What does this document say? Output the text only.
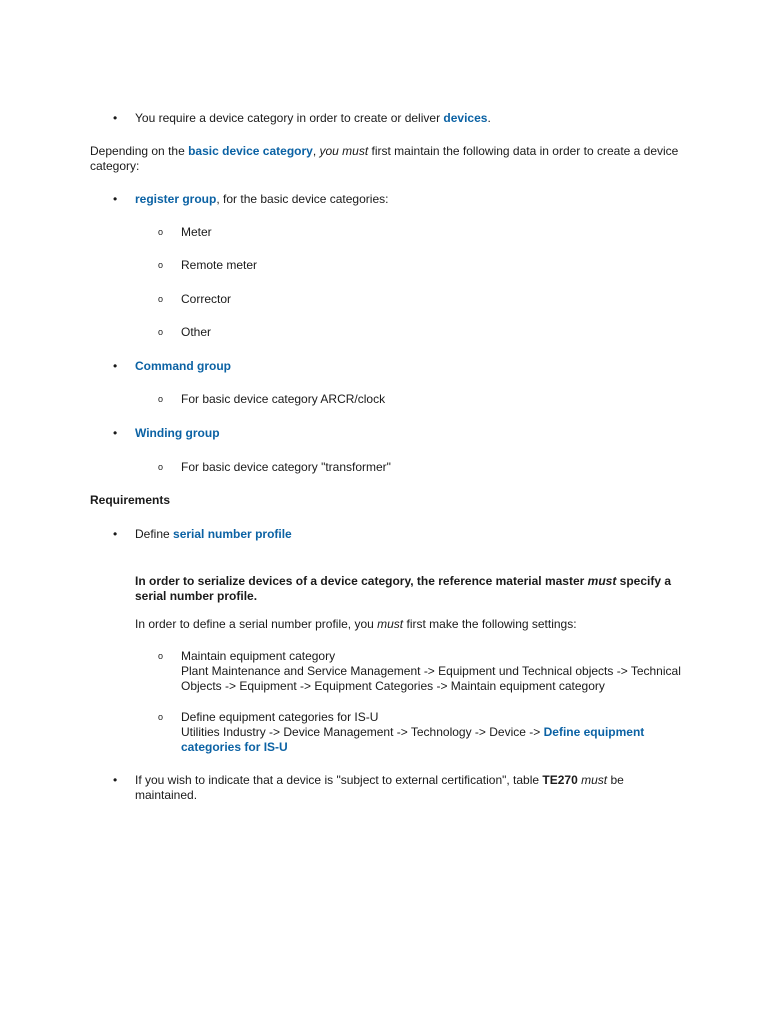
• You require a device category in order to create or deliver devices.
Depending on the basic device category, you must first maintain the following data in order to create a device category:
• register group, for the basic device categories:
o Meter
o Remote meter
o Corrector
o Other
• Command group
o For basic device category ARCR/clock
• Winding group
o For basic device category "transformer"
Requirements
• Define serial number profile
In order to serialize devices of a device category, the reference material master must specify a serial number profile.
In order to define a serial number profile, you must first make the following settings:
o Maintain equipment category
Plant Maintenance and Service Management -> Equipment und Technical objects -> Technical Objects -> Equipment -> Equipment Categories -> Maintain equipment category
o Define equipment categories for IS-U
Utilities Industry -> Device Management -> Technology -> Device -> Define equipment categories for IS-U
• If you wish to indicate that a device is "subject to external certification", table TE270 must be maintained.
